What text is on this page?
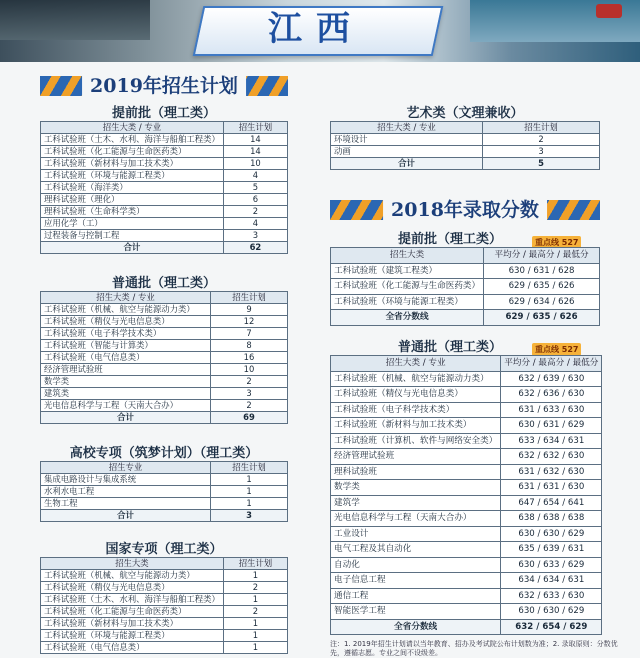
江西
2019年招生计划
提前批（理工类）
招生大类 / 专业	招生计划
工科试验班（土木、水利、海洋与船舶工程类）	14
工科试验班（化工能源与生命医药类）	14
工科试验班（新材料与加工技术类）	10
工科试验班（环境与能源工程类）	4
工科试验班（海洋类）	5
理科试验班（理化）	6
理科试验班（生命科学类）	2
应用化学（工）	4
过程装备与控制工程	3
合计	62
普通批（理工类）
招生大类 / 专业	招生计划
工科试验班（机械、航空与能源动力类）	9
工科试验班（精仪与光电信息类）	12
工科试验班（电子科学技术类）	7
工科试验班（智能与计算类）	8
工科试验班（电气信息类）	16
经济管理试验班	10
数学类	2
建筑类	3
光电信息科学与工程（天南大合办）	2
合计	69
高校专项（筑梦计划）（理工类）
招生专业	招生计划
集成电路设计与集成系统	1
水利水电工程	1
生物工程	1
合计	3
国家专项（理工类）
招生大类	招生计划
工科试验班（机械、航空与能源动力类）	1
工科试验班（精仪与光电信息类）	2
工科试验班（土木、水利、海洋与船舶工程类）	1
工科试验班（化工能源与生命医药类）	2
工科试验班（新材料与加工技术类）	1
工科试验班（环境与能源工程类）	1
工科试验班（电气信息类）	1
艺术类（文理兼收）
招生大类 / 专业	招生计划
环境设计	2
动画	3
合计	5
2018年录取分数
提前批（理工类）	重点线 527
招生大类	平均分 / 最高分 / 最低分
工科试验班（建筑工程类）	630 / 631 / 628
工科试验班（化工能源与生命医药类）	629 / 635 / 626
工科试验班（环境与能源工程类）	629 / 634 / 626
全省分数线	629 / 635 / 626
普通批（理工类）	重点线 527
招生大类 / 专业	平均分 / 最高分 / 最低分
工科试验班（机械、航空与能源动力类）	632 / 639 / 630
工科试验班（精仪与光电信息类）	632 / 636 / 630
工科试验班（电子科学技术类）	631 / 633 / 630
工科试验班（新材料与加工技术类）	630 / 631 / 629
工科试验班（计算机、软件与网络安全类）	633 / 634 / 631
经济管理试验班	632 / 632 / 630
理科试验班	631 / 632 / 630
数学类	631 / 631 / 630
建筑学	647 / 654 / 641
光电信息科学与工程（天南大合办）	638 / 638 / 638
工业设计	630 / 630 / 629
电气工程及其自动化	635 / 639 / 631
自动化	630 / 633 / 629
电子信息工程	634 / 634 / 631
通信工程	632 / 633 / 630
智能医学工程	630 / 630 / 629
全省分数线	632 / 654 / 629
注：1. 2019年招生计划请以当年教育、招办及考试院公布计划数为准；2. 录取原则：分数优先，遵循志愿。专业之间不设级差。
